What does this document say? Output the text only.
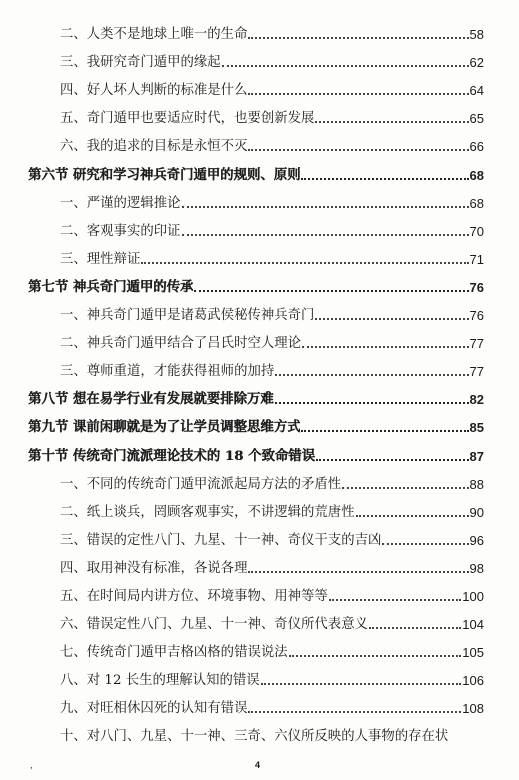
二、人类不是地球上唯一的生命	58
三、我研究奇门遁甲的缘起	62
四、好人坏人判断的标准是什么	64
五、奇门遁甲也要适应时代，也要创新发展	65
六、我的追求的目标是永恒不灭	66
第六节 研究和学习神兵奇门遁甲的规则、原则	68
一、严谨的逻辑推论	68
二、客观事实的印证	70
三、理性辩证	71
第七节 神兵奇门遁甲的传承	76
一、神兵奇门遁甲是诸葛武侯秘传神兵奇门	76
二、神兵奇门遁甲结合了吕氏时空人理论	77
三、尊师重道，才能获得祖师的加持	77
第八节 想在易学行业有发展就要排除万难	82
第九节 课前闲聊就是为了让学员调整思维方式	85
第十节 传统奇门流派理论技术的 18 个致命错误	87
一、不同的传统奇门遁甲流派起局方法的矛盾性	88
二、纸上谈兵，罔顾客观事实，不讲逻辑的荒唐性	90
三、错误的定性八门、九星、十一神、奇仪干支的吉凶	96
四、取用神没有标准，各说各理	98
五、在时间局内讲方位、环境事物、用神等等	100
六、错误定性八门、九星、十一神、奇仪所代表意义	104
七、传统奇门遁甲吉格凶格的错误说法	105
八、对 12 长生的理解认知的错误	106
九、对旺相休囚死的认知有错误	108
十、对八门、九星、十一神、三奇、六仪所反映的人事物的存在状
,	4
